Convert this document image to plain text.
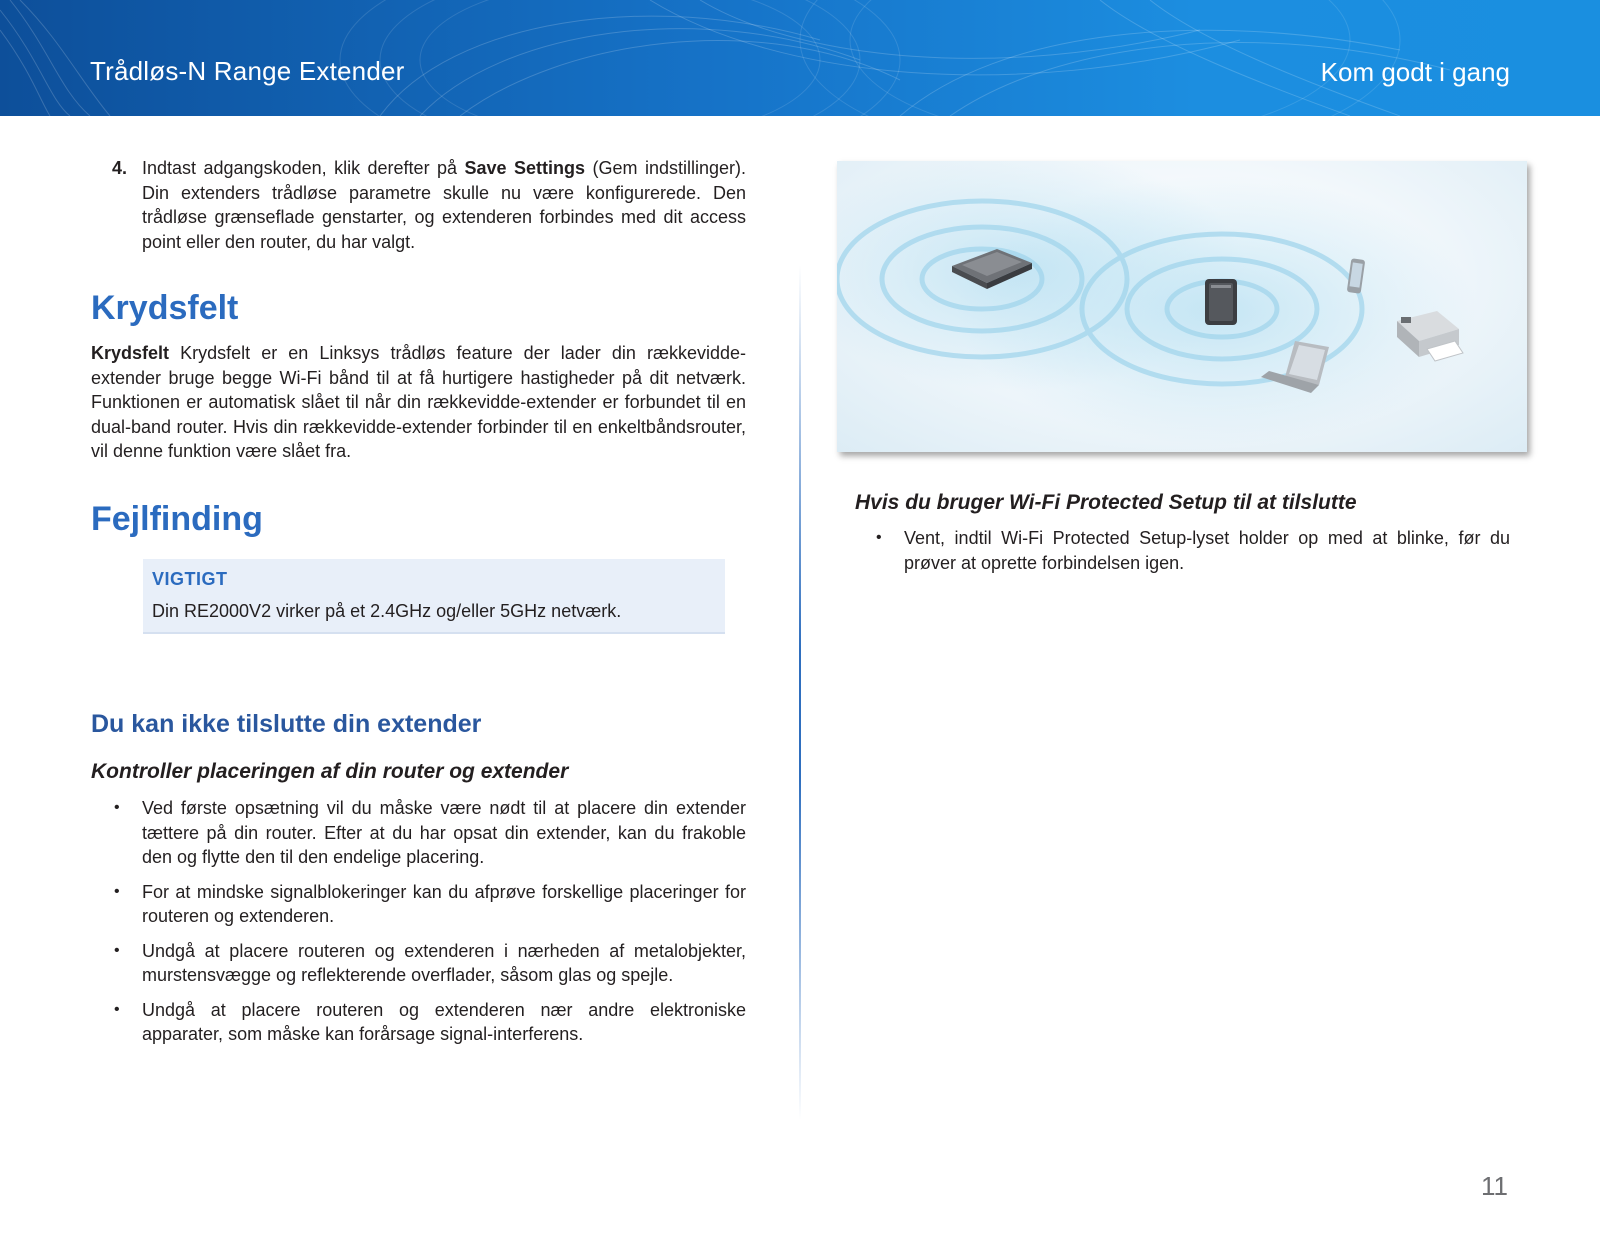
Trådløs-N Range Extender	Kom godt i gang
4. Indtast adgangskoden, klik derefter på Save Settings (Gem indstillinger). Din extenders trådløse parametre skulle nu være konfigurerede. Den trådløse grænseflade genstarter, og extenderen forbindes med dit access point eller den router, du har valgt.
Krydsfelt
Krydsfelt Krydsfelt er en Linksys trådløs feature der lader din rækkevidde-extender bruge begge Wi-Fi bånd til at få hurtigere hastigheder på dit netværk. Funktionen er automatisk slået til når din rækkevidde-extender er forbundet til en dual-band router. Hvis din rækkevidde-extender forbinder til en enkeltbåndsrouter, vil denne funktion være slået fra.
Fejlfinding
VIGTIGT
Din RE2000V2 virker på et 2.4GHz og/eller 5GHz netværk.
Du kan ikke tilslutte din extender
Kontroller placeringen af din router og extender
• Ved første opsætning vil du måske være nødt til at placere din extender tættere på din router. Efter at du har opsat din extender, kan du frakoble den og flytte den til den endelige placering.
• For at mindske signalblokeringer kan du afprøve forskellige placeringer for routeren og extenderen.
• Undgå at placere routeren og extenderen i nærheden af metalobjekter, murstensvægge og reflekterende overflader, såsom glas og spejle.
• Undgå at placere routeren og extenderen nær andre elektroniske apparater, som måske kan forårsage signal-interferens.
Hvis du bruger Wi-Fi Protected Setup til at tilslutte
• Vent, indtil Wi-Fi Protected Setup-lyset holder op med at blinke, før du prøver at oprette forbindelsen igen.
11
